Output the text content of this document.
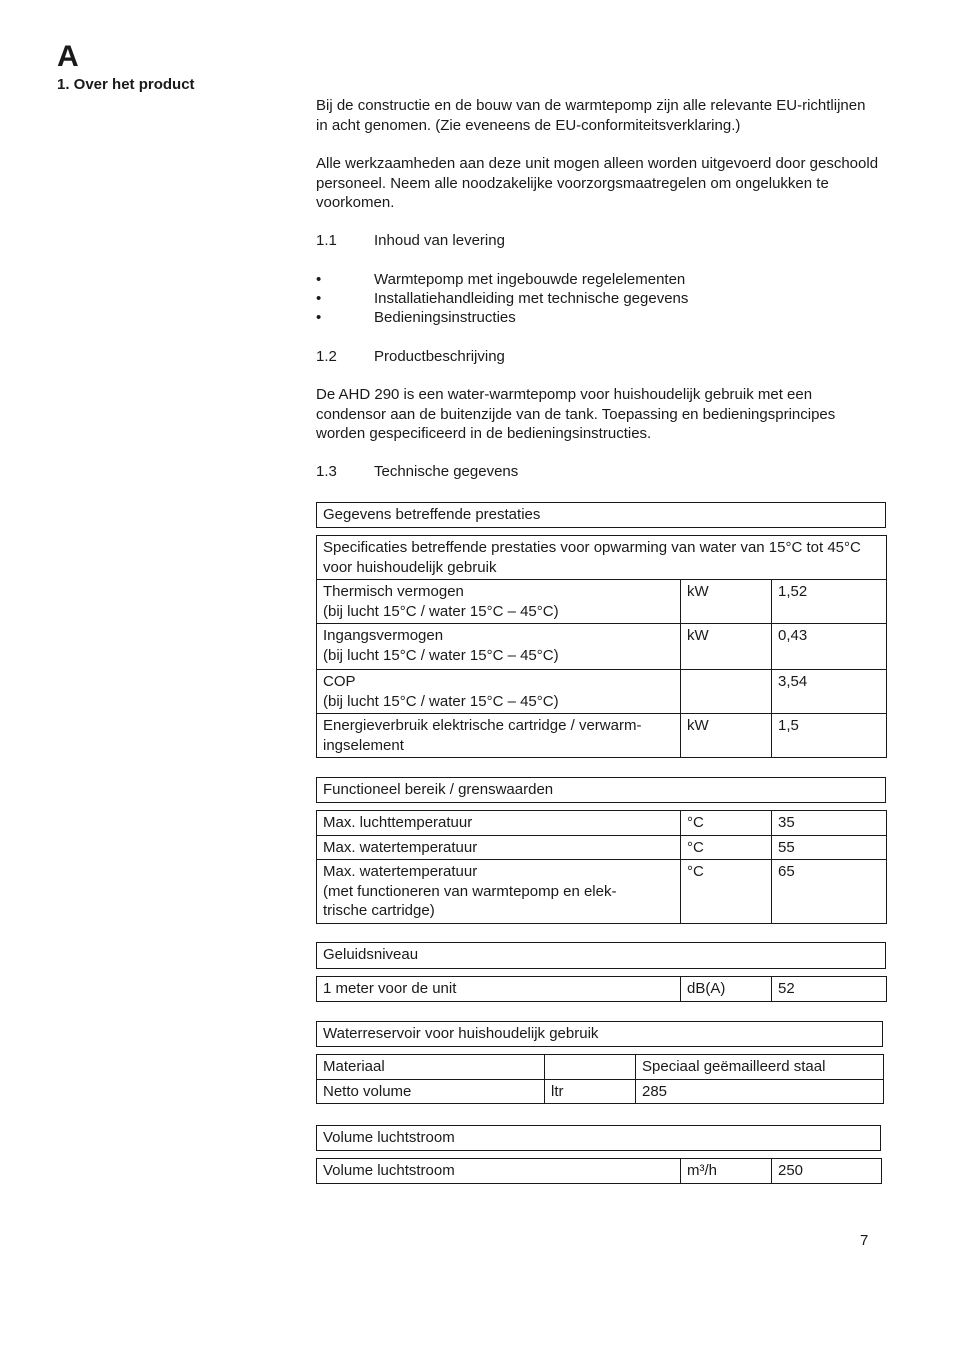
A
1. Over het product

Bij de constructie en de bouw van de warmtepomp zijn alle relevante EU-richtlijnen in acht genomen. (Zie eveneens de EU-conformiteitsverklaring.)

Alle werkzaamheden aan deze unit mogen alleen worden uitgevoerd door geschoold personeel. Neem alle noodzakelijke voorzorgsmaatregelen om ongelukken te voorkomen.

1.1 Inhoud van levering
•	Warmtepomp met ingebouwde regelelementen
•	Installatiehandleiding met technische gegevens
•	Bedieningsinstructies
1.2 Productbeschrijving

De AHD 290 is een water-warmtepomp voor huishoudelijk gebruik met een condensor aan de buitenzijde van de tank. Toepassing en bedieningsprincipes worden gespecificeerd in de bedieningsinstructies.

1.3 Technische gegevens
Gegevens betreffende prestaties
Specificaties betreffende prestaties voor opwarming van water van 15°C tot 45°C voor huishoudelijk gebruik		

Thermisch vermogen
(bij lucht 15°C / water 15°C – 45°C)	kW	1,52

Ingangsvermogen
(bij lucht 15°C / water 15°C – 45°C)	kW	0,43

COP
(bij lucht 15°C / water 15°C – 45°C)		3,54

Energieverbruik elektrische cartridge / verwarm-
ingselement	kW	1,5
Functioneel bereik / grenswaarden
Max. luchttemperatuur	°C	35
Max. watertemperatuur	°C	55

Max. watertemperatuur
(met functioneren van warmtepomp en elek-
trische cartridge)	°C	65
Geluidsniveau
1 meter voor de unit	dB(A)	52
Waterreservoir voor huishoudelijk gebruik
Materiaal		Speciaal geëmailleerd staal
Netto volume	ltr	285
Volume luchtstroom
Volume luchtstroom	m³/h	250
7
